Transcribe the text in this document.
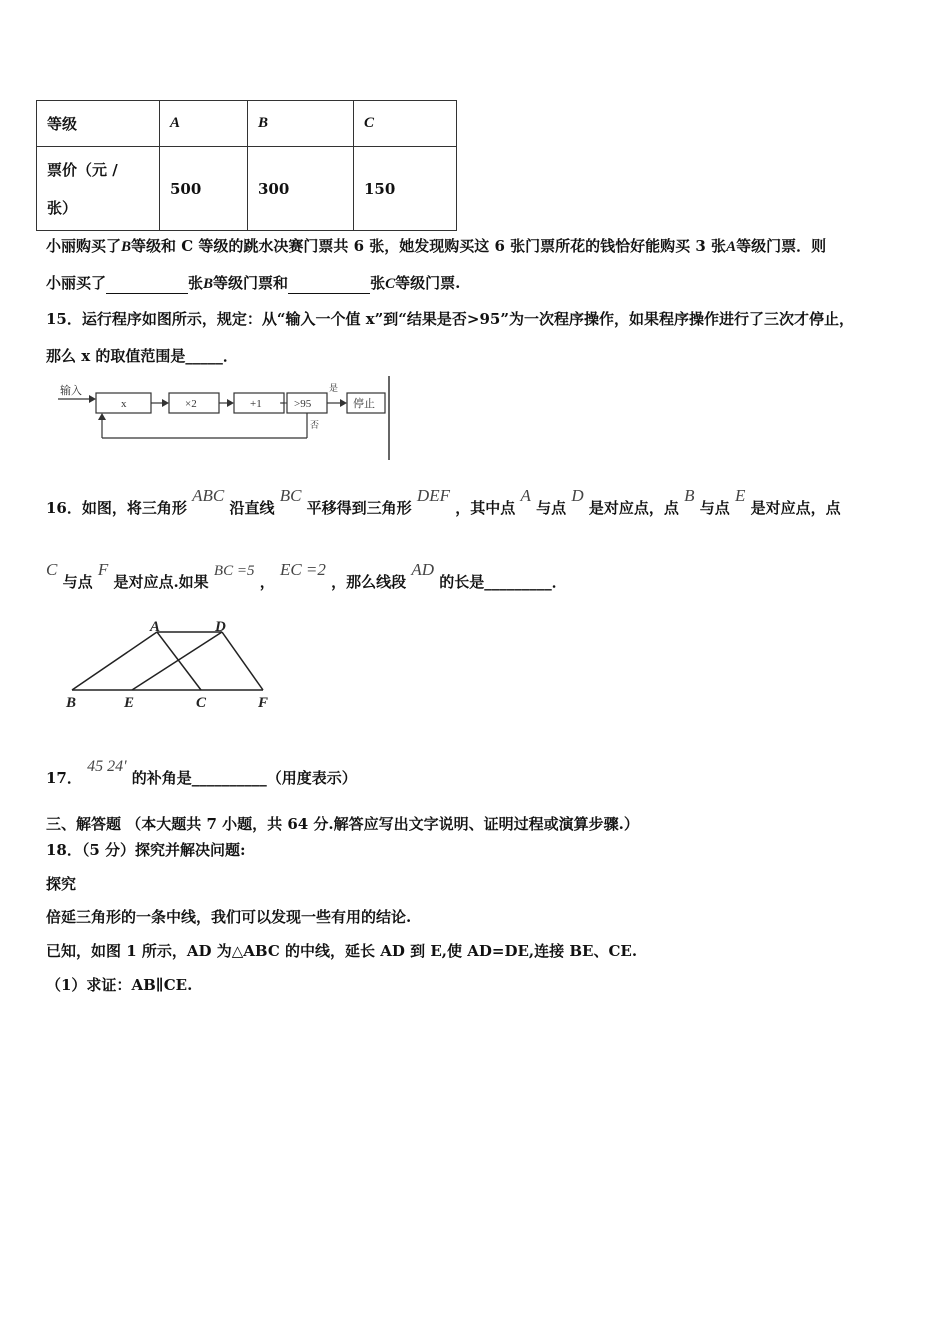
等级	A	B	C
票价（元 /
张）	500	300	150
小丽购买了B等级和 C 等级的跳水决赛门票共 6 张，她发现购买这 6 张门票所花的钱恰好能购买 3 张A等级门票．则
小丽买了	张B等级门票和	张C等级门票.
15．运行程序如图所示，规定：从“输入一个值 x”到“结果是否>95”为一次程序操作，如果程序操作进行了三次才停止，
那么 x 的取值范围是_____．
输入
x	×2	+1	>95
是
停止
否
16．如图，将三角形 ABC 沿直线 BC 平移得到三角形 DEF ，其中点 A 与点 D 是对应点，点 B 与点 E 是对应点，点
C 与点 F 是对应点.如果 BC =5 ， EC =2 ，那么线段 AD 的长是_________．
A	D
B	E	C	F
17． 45 24' 的补角是__________（用度表示）
三、解答题 （本大题共 7 小题，共 64 分.解答应写出文字说明、证明过程或演算步骤.）
18．（5 分）探究并解决问题:
探究
倍延三角形的一条中线，我们可以发现一些有用的结论.
已知，如图 1 所示，AD 为△ABC 的中线，延长 AD 到 E,使 AD=DE,连接 BE、CE.
（1）求证：AB∥CE.
